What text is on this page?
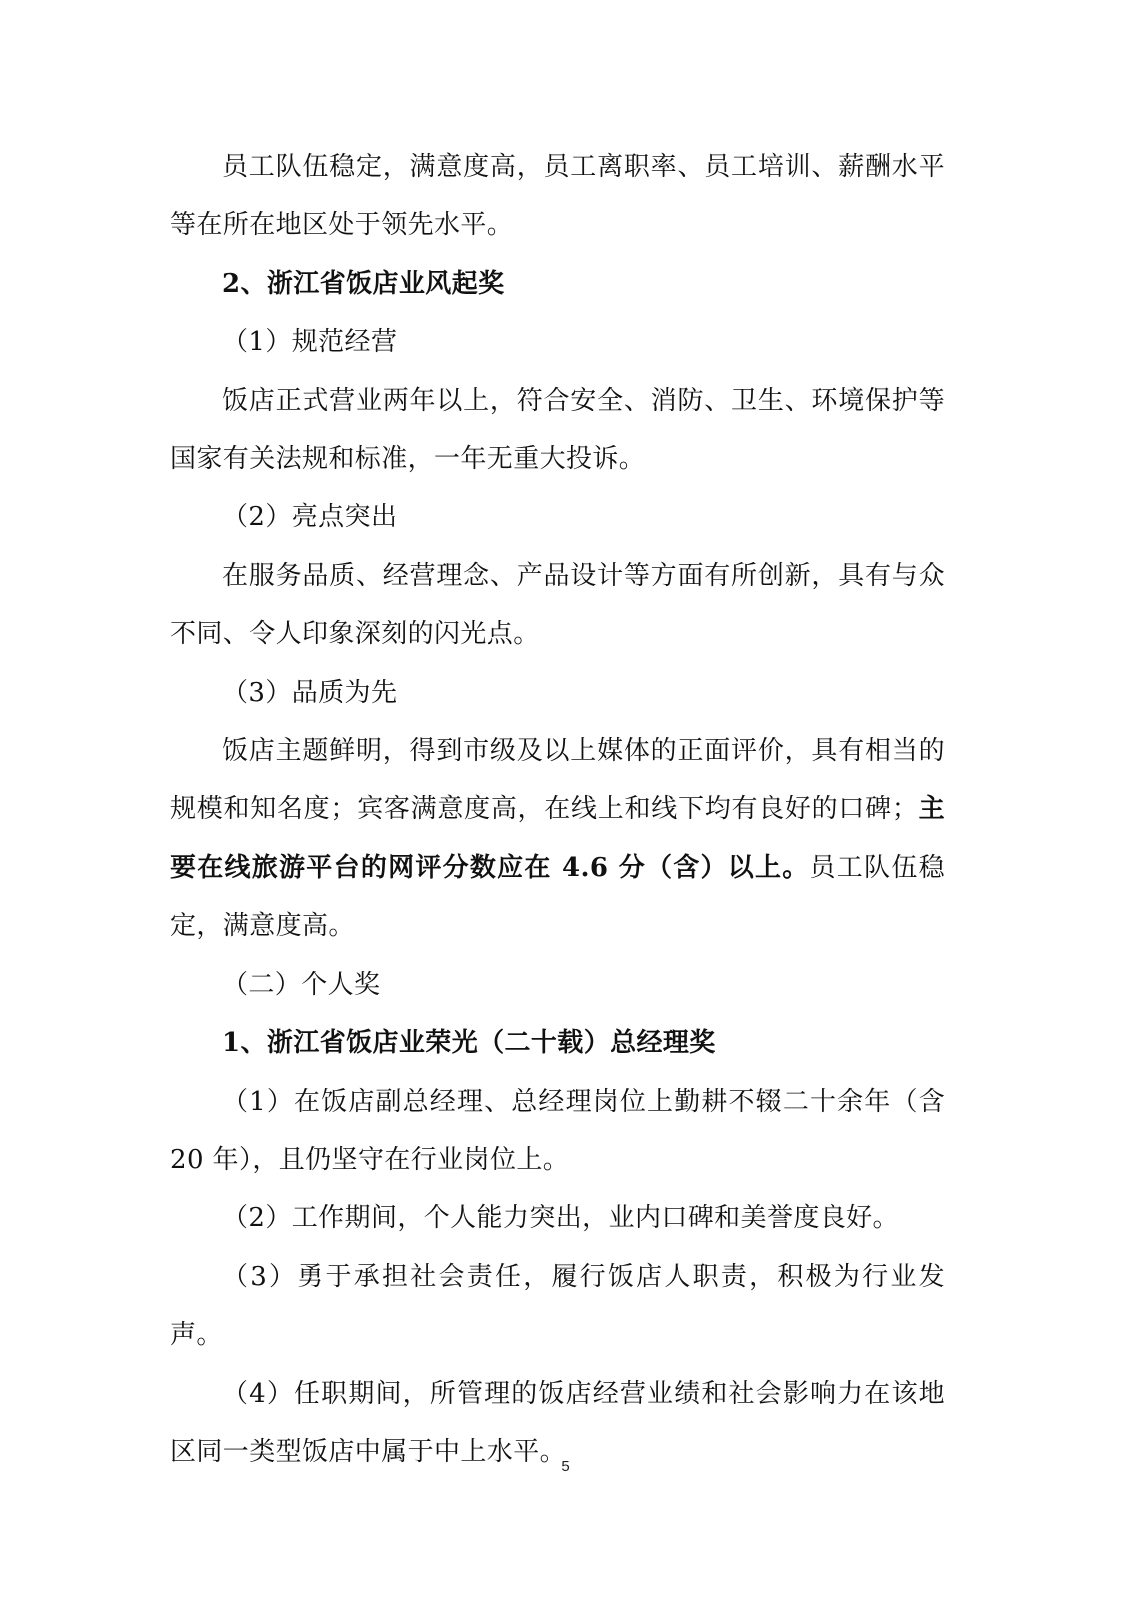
员工队伍稳定，满意度高，员工离职率、员工培训、薪酬水平等在所在地区处于领先水平。

2、浙江省饭店业风起奖

（1）规范经营

饭店正式营业两年以上，符合安全、消防、卫生、环境保护等国家有关法规和标准，一年无重大投诉。

（2）亮点突出

在服务品质、经营理念、产品设计等方面有所创新，具有与众不同、令人印象深刻的闪光点。

（3）品质为先

饭店主题鲜明，得到市级及以上媒体的正面评价，具有相当的规模和知名度；宾客满意度高，在线上和线下均有良好的口碑；主要在线旅游平台的网评分数应在 4.6 分（含）以上。员工队伍稳定，满意度高。

（二）个人奖

1、浙江省饭店业荣光（二十载）总经理奖

（1）在饭店副总经理、总经理岗位上勤耕不辍二十余年（含 20 年），且仍坚守在行业岗位上。

（2）工作期间，个人能力突出，业内口碑和美誉度良好。

（3）勇于承担社会责任，履行饭店人职责，积极为行业发声。

（4）任职期间，所管理的饭店经营业绩和社会影响力在该地区同一类型饭店中属于中上水平。

5
